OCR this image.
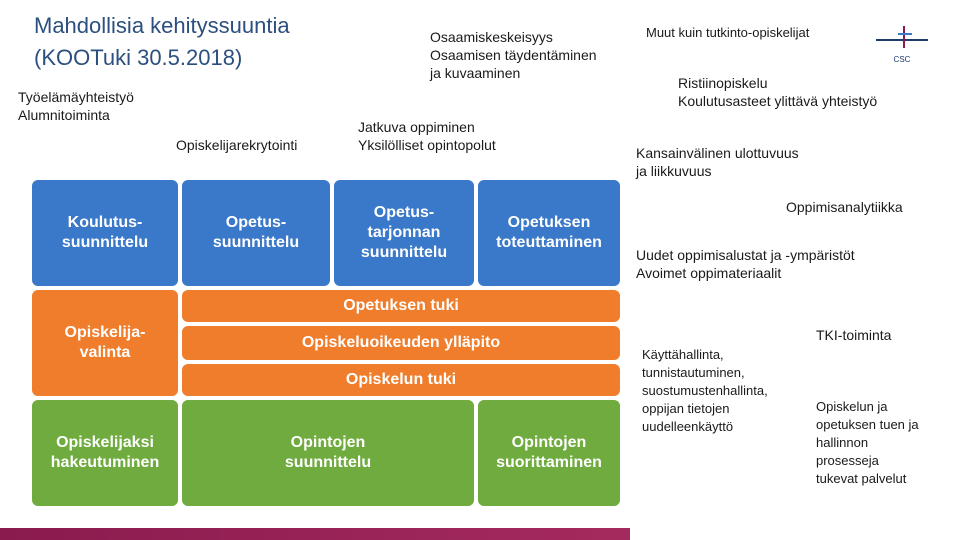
Mahdollisia kehityssuuntia
(KOOTuki 30.5.2018)	CSC
Työelämäyhteistyö
Alumnitoiminta
Opiskelijarekrytointi
Osaamiskeskeisyys
Osaamisen täydentäminen
ja kuvaaminen
Jatkuva oppiminen
Yksilölliset opintopolut
Muut kuin tutkinto-opiskelijat
Ristiinopiskelu
Koulutusasteet ylittävä yhteistyö
Kansainvälinen ulottuvuus
ja liikkuvuus
Oppimisanalytiikka
Uudet oppimisalustat ja -ympäristöt
Avoimet oppimateriaalit
Käyttähallinta,
tunnistautuminen,
suostumustenhallinta,
oppijan tietojen
uudelleenkäyttö
TKI-toiminta
Opiskelun ja
opetuksen tuen ja
hallinnon
prosesseja
tukevat palvelut
Koulutus-
suunnittelu
Opetus-
suunnittelu
Opetus-
tarjonnan
suunnittelu
Opetuksen
toteuttaminen
Opiskelija-
valinta
Opetuksen tuki
Opiskeluoikeuden ylläpito
Opiskelun tuki
Opiskelijaksi
hakeutuminen
Opintojen
suunnittelu
Opintojen
suorittaminen
